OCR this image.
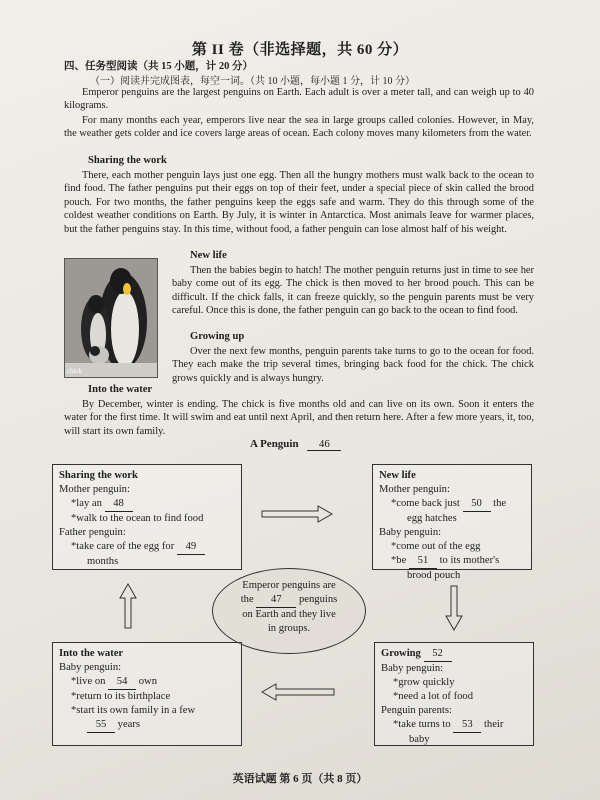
第 II 卷（非选择题，共 60 分）
四、任务型阅读（共 15 小题，计 20 分）
（一）阅读并完成图表，每空一词。（共 10 小题，每小题 1 分，计 10 分）

Emperor penguins are the largest penguins on Earth. Each adult is over a meter tall, and can weigh up to 40 kilograms.

For many months each year, emperors live near the sea in large groups called colonies. However, in May, the weather gets colder and ice covers large areas of ocean. Each colony moves many kilometers from the water.

Sharing the work

There, each mother penguin lays just one egg. Then all the hungry mothers must walk back to the ocean to find food. The father penguins put their eggs on top of their feet, under a special piece of skin called the brood pouch. For two months, the father penguins keep the eggs safe and warm. They do this through some of the coldest weather conditions on Earth. By July, it is winter in Antarctica. Most animals leave for warmer places, but the father penguins stay. In this time, without food, a father penguin can lose almost half of his weight.

chick
New life

Then the babies begin to hatch! The mother penguin returns just in time to see her baby come out of its egg. The chick is then moved to her brood pouch. This can be difficult. If the chick falls, it can freeze quickly, so the penguin parents must be very careful. Once this is done, the father penguin can go back to the ocean to find food.

Growing up

Over the next few months, penguin parents take turns to go to the ocean for food. They each make the trip several times, bringing back food for the chick. The chick grows quickly and is always hungry.

Into the water

By December, winter is ending. The chick is five months old and can live on its own. Soon it enters the water for the first time. It will swim and eat until next April, and then return here. After a few more years, it, too, will start its own family.

A Penguin 46
Sharing the work
Mother penguin:
*lay an 48
*walk to the ocean to find food
Father penguin:
*take care of the egg for 49
months
New life
Mother penguin:
*come back just 50 the
egg hatches
Baby penguin:
*come out of the egg
*be 51 to its mother's
brood pouch
Emperor penguins are
the 47 penguins
on Earth and they live
in groups.
Into the water
Baby penguin:
*live on 54 own
*return to its birthplace
*start its own family in a few
55 years
Growing 52
Baby penguin:
*grow quickly
*need a lot of food
Penguin parents:
*take turns to 53 their
baby
英语试题 第 6 页（共 8 页）
